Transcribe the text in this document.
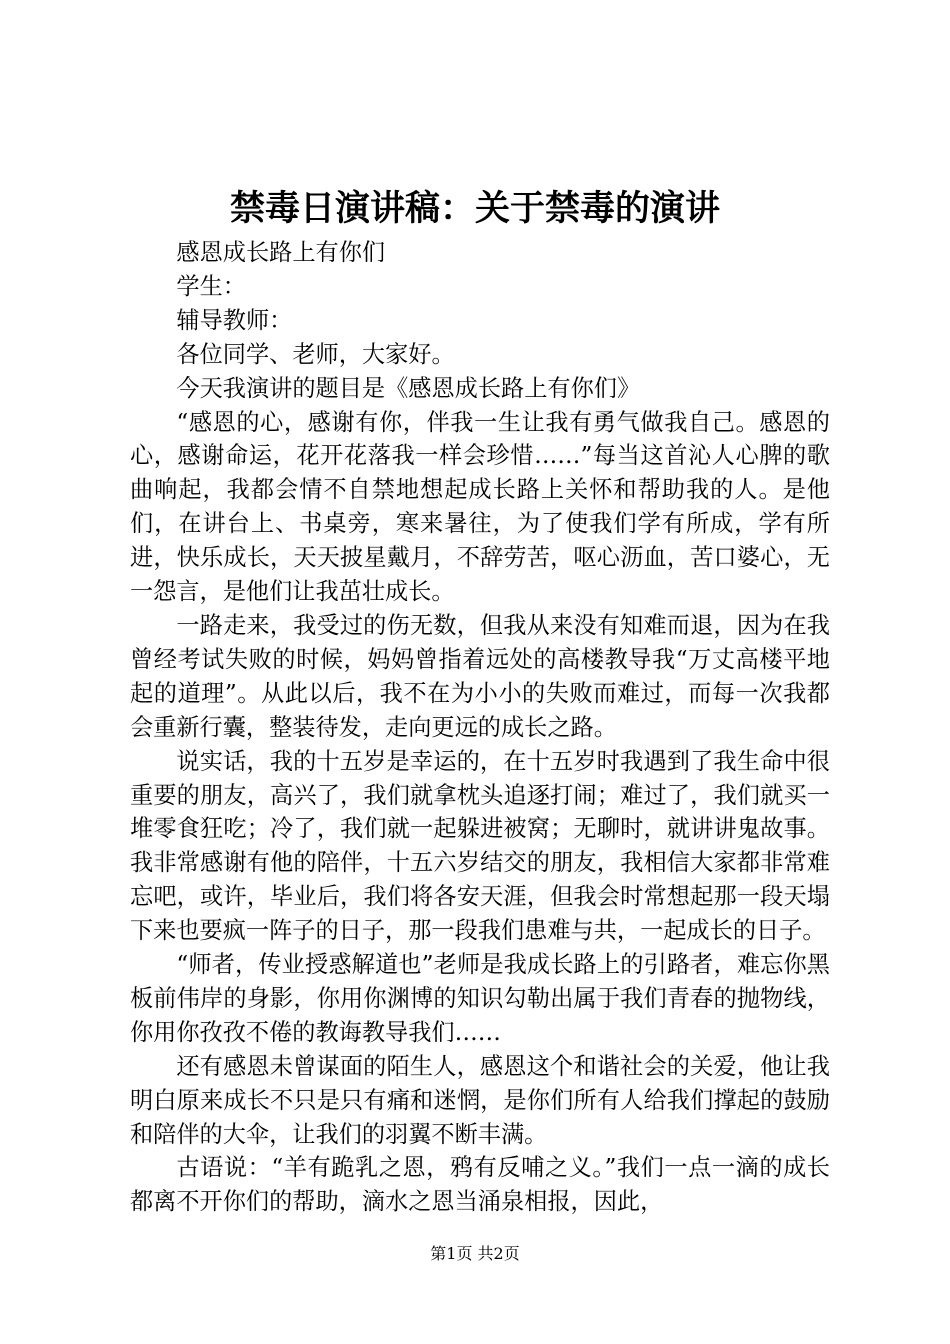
禁毒日演讲稿：关于禁毒的演讲

感恩成长路上有你们

学生：

辅导教师：

各位同学、老师，大家好。

今天我演讲的题目是《感恩成长路上有你们》

“感恩的心，感谢有你，伴我一生让我有勇气做我自己。感恩的心，感谢命运，花开花落我一样会珍惜……”每当这首沁人心脾的歌曲响起，我都会情不自禁地想起成长路上关怀和帮助我的人。是他们，在讲台上、书桌旁，寒来暑往，为了使我们学有所成，学有所进，快乐成长，天天披星戴月，不辞劳苦，呕心沥血，苦口婆心，无一怨言，是他们让我茁壮成长。

一路走来，我受过的伤无数，但我从来没有知难而退，因为在我曾经考试失败的时候，妈妈曾指着远处的高楼教导我“万丈高楼平地起的道理”。从此以后，我不在为小小的失败而难过，而每一次我都会重新行囊，整装待发，走向更远的成长之路。

说实话，我的十五岁是幸运的，在十五岁时我遇到了我生命中很重要的朋友，高兴了，我们就拿枕头追逐打闹；难过了，我们就买一堆零食狂吃；冷了，我们就一起躲进被窝；无聊时，就讲讲鬼故事。我非常感谢有他的陪伴，十五六岁结交的朋友，我相信大家都非常难忘吧，或许，毕业后，我们将各安天涯，但我会时常想起那一段天塌下来也要疯一阵子的日子，那一段我们患难与共，一起成长的日子。

“师者，传业授惑解道也”老师是我成长路上的引路者，难忘你黑板前伟岸的身影，你用你渊博的知识勾勒出属于我们青春的抛物线，你用你孜孜不倦的教诲教导我们……

还有感恩未曾谋面的陌生人，感恩这个和谐社会的关爱，他让我明白原来成长不只是只有痛和迷惘，是你们所有人给我们撑起的鼓励和陪伴的大伞，让我们的羽翼不断丰满。

古语说：“羊有跪乳之恩，鸦有反哺之义。”我们一点一滴的成长都离不开你们的帮助，滴水之恩当涌泉相报，因此，

第1页 共2页
